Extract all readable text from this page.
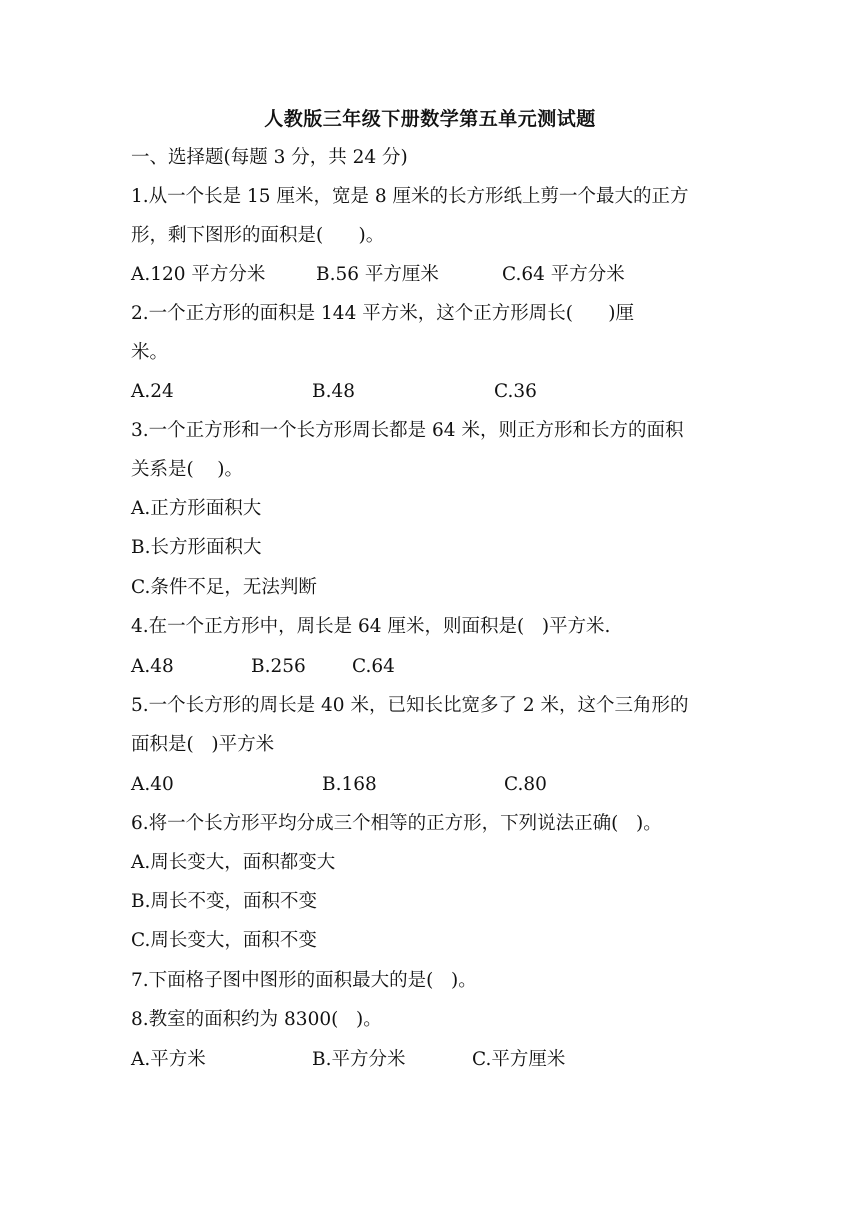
人教版三年级下册数学第五单元测试题
一、选择题(每题 3 分，共 24 分)
1.从一个长是 15 厘米，宽是 8 厘米的长方形纸上剪一个最大的正方
形，剩下图形的面积是(      )。
A.120 平方分米	B.56 平方厘米	C.64 平方分米
2.一个正方形的面积是 144 平方米，这个正方形周长(      )厘
米。
A.24	B.48	C.36
3.一个正方形和一个长方形周长都是 64 米，则正方形和长方的面积
关系是(    )。
A.正方形面积大
B.长方形面积大
C.条件不足，无法判断
4.在一个正方形中，周长是 64 厘米，则面积是(   )平方米.
A.48	B.256 C.64
5.一个长方形的周长是 40 米，已知长比宽多了 2 米，这个三角形的
面积是(   )平方米
A.40	B.168	C.80
6.将一个长方形平均分成三个相等的正方形，下列说法正确(   )。
A.周长变大，面积都变大
B.周长不变，面积不变
C.周长变大，面积不变
7.下面格子图中图形的面积最大的是(   )。
8.教室的面积约为 8300(   )。
A.平方米	B.平方分米	C.平方厘米
